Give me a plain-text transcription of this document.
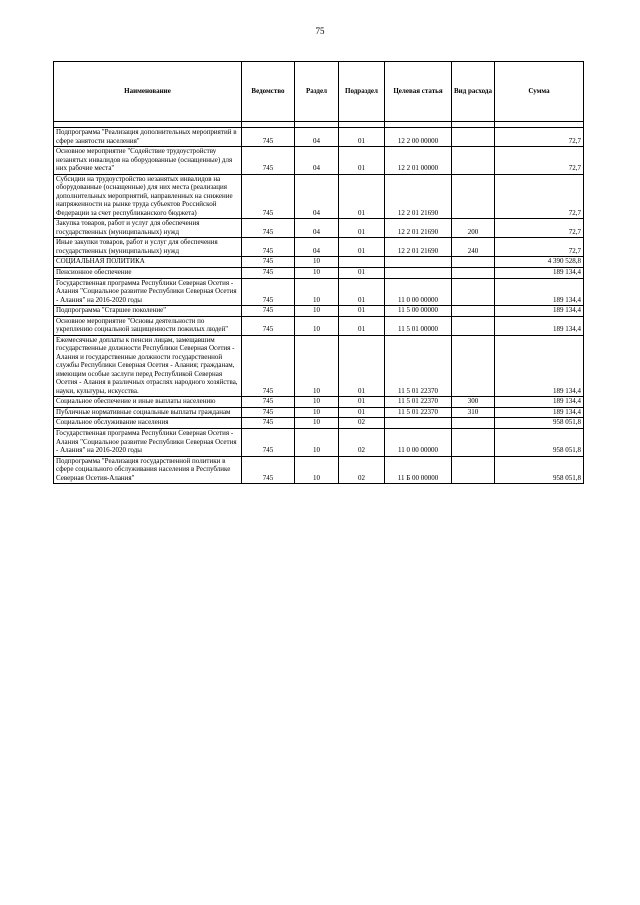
75
Наименование	Ведомство	Раздел	Подраздел	Целевая статья	Вид расхода	Сумма

Подпрограмма "Реализация дополнительных мероприятий в сфере занятости населения"	745	04	01	12 2 00 00000		72,7
Основное мероприятие "Содействие трудоустройству незанятых инвалидов на оборудованные (оснащенные) для них рабочие места"	745	04	01	12 2 01 00000		72,7
Субсидии на трудоустройство незанятых инвалидов на оборудованные (оснащенные) для них места (реализация дополнительных мероприятий, направленных на снижение напряженности на рынке труда субъектов Российской Федерации за счет республиканского бюджета)	745	04	01	12 2 01 21690		72,7
Закупка товаров, работ и услуг для обеспечения государственных (муниципальных) нужд	745	04	01	12 2 01 21690	200	72,7
Иные закупки товаров, работ и услуг для обеспечения государственных (муниципальных) нужд	745	04	01	12 2 01 21690	240	72,7
СОЦИАЛЬНАЯ ПОЛИТИКА	745	10				4 390 528,8
Пенсионное обеспечение	745	10	01			189 134,4
Государственная программа Республики Северная Осетия - Алания "Социальное развитие Республики Северная Осетия - Алания" на 2016-2020 годы	745	10	01	11 0 00 00000		189 134,4
Подпрограмма "Старшее поколение"	745	10	01	11 5 00 00000		189 134,4
Основное мероприятие "Основы деятельности по укреплению социальной защищенности пожилых людей"	745	10	01	11 5 01 00000		189 134,4
Ежемесячные доплаты к пенсии лицам, замещавшим государственные должности Республики Северная Осетия - Алания и государственные должности государственной службы Республики Северная Осетия - Алания; гражданам, имеющим особые заслуги перед Республикой Северная Осетия - Алания в различных отраслях народного хозяйства, науки, культуры, искусства.	745	10	01	11 5 01 22370		189 134,4
Социальное обеспечение и иные выплаты населению	745	10	01	11 5 01 22370	300	189 134,4
Публичные нормативные социальные выплаты гражданам	745	10	01	11 5 01 22370	310	189 134,4
Социальное обслуживание населения	745	10	02			958 051,8
Государственная программа Республики Северная Осетия - Алания "Социальное развитие Республики Северная Осетия - Алания" на 2016-2020 годы	745	10	02	11 0 00 00000		958 051,8
Подпрограмма "Реализация государственной политики в сфере социального обслуживания населения в Республике Северная Осетия-Алания"	745	10	02	11 Б 00 00000		958 051,8
